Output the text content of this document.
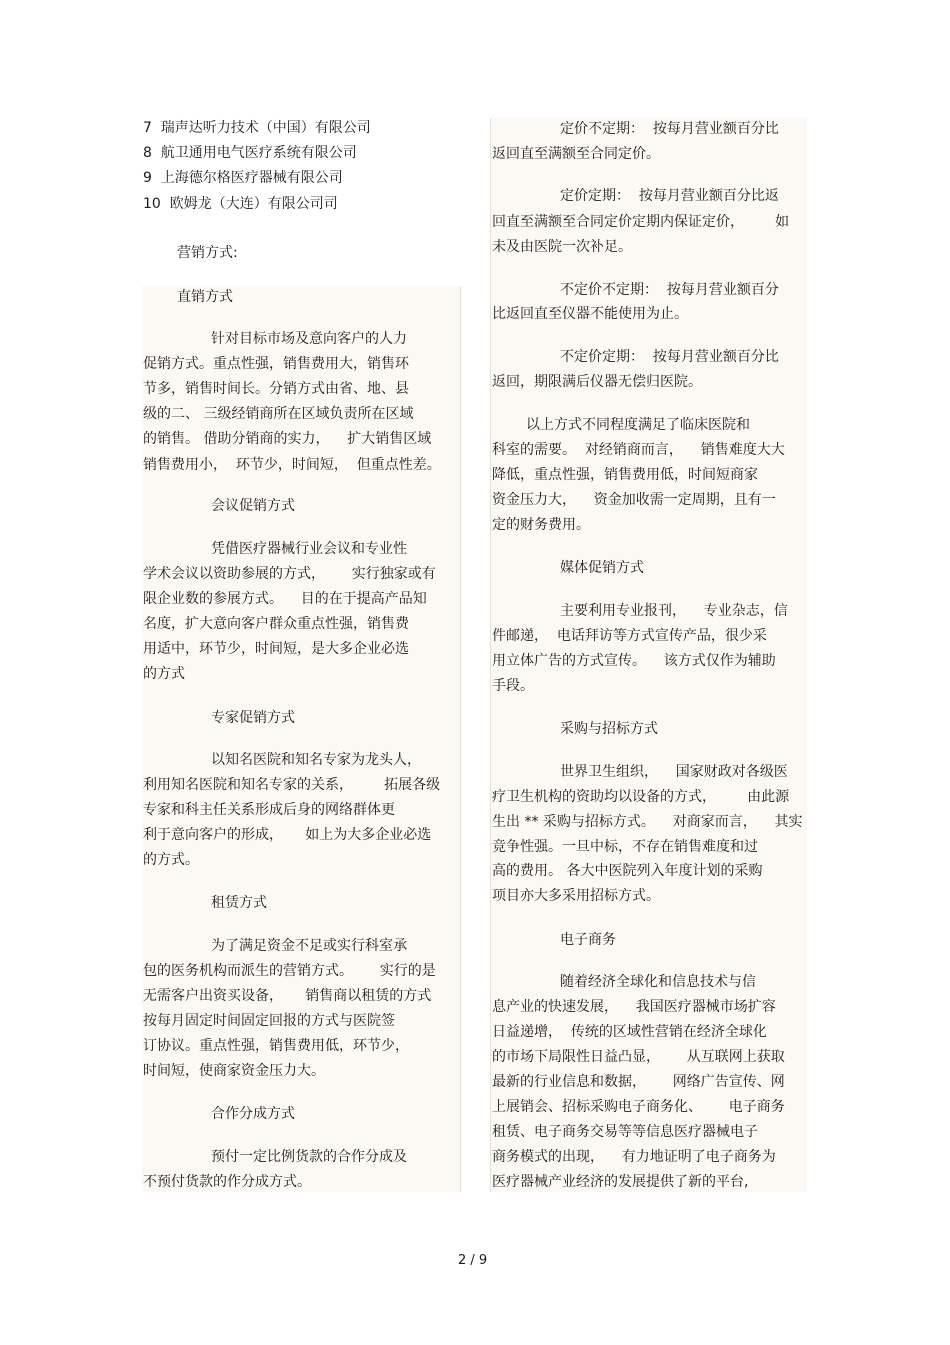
7  瑞声达听力技术（中国）有限公司
8  航卫通用电气医疗系统有限公司
9  上海德尔格医疗器械有限公司
10  欧姆龙（大连）有限公司司
营销方式:
直销方式
针对目标市场及意向客户的人力
促销方式。重点性强，销售费用大，销售环
节多，销售时间长。分销方式由省、地、县
级的二、 三级经销商所在区域负责所在区域
的销售。 借助分销商的实力，    扩大销售区域
销售费用小，  环节少，时间短，  但重点性差。
会议促销方式
凭借医疗器械行业会议和专业性
学术会议以资助参展的方式，      实行独家或有
限企业数的参展方式。    目的在于提高产品知
名度，扩大意向客户群众重点性强，销售费
用适中，环节少，时间短，是大多企业必选
的方式
专家促销方式
以知名医院和知名专家为龙头人，
利用知名医院和知名专家的关系，       拓展各级
专家和科主任关系形成后身的网络群体更
利于意向客户的形成，     如上为大多企业必选
的方式。
租赁方式
为了满足资金不足或实行科室承
包的医务机构而派生的营销方式。      实行的是
无需客户出资买设备，     销售商以租赁的方式
按每月固定时间固定回报的方式与医院签
订协议。重点性强，销售费用低，环节少，
时间短，使商家资金压力大。
合作分成方式
预付一定比例货款的合作分成及
不预付货款的作分成方式。
定价不定期：  按每月营业额百分比
返回直至满额至合同定价。
定价定期：  按每月营业额百分比返
回直至满额至合同定价定期内保证定价，       如
未及由医院一次补足。
不定价不定期：  按每月营业额百分
比返回直至仪器不能使用为止。
不定价定期：  按每月营业额百分比
返回，期限满后仪器无偿归医院。
以上方式不同程度满足了临床医院和
科室的需要。  对经销商而言，    销售难度大大
降低，重点性强，销售费用低，时间短商家
资金压力大，    资金加收需一定周期，且有一
定的财务费用。
媒体促销方式
主要利用专业报刊，    专业杂志，信
件邮递，  电话拜访等方式宣传产品，很少采
用立体广告的方式宣传。    该方式仅作为辅助
手段。
采购与招标方式
世界卫生组织，    国家财政对各级医
疗卫生机构的资助均以设备的方式，       由此源
生出 ** 采购与招标方式。    对商家而言，    其实
竞争性强。一旦中标，不存在销售难度和过
高的费用。 各大中医院列入年度计划的采购
项目亦大多采用招标方式。
电子商务
随着经济全球化和信息技术与信
息产业的快速发展，    我国医疗器械市场扩容
日益递增，  传统的区域性营销在经济全球化
的市场下局限性日益凸显，      从互联网上获取
最新的行业信息和数据，      网络广告宣传、网
上展销会、招标采购电子商务化、      电子商务
租赁、电子商务交易等等信息医疗器械电子
商务模式的出现，    有力地证明了电子商务为
医疗器械产业经济的发展提供了新的平台,
2 / 9
